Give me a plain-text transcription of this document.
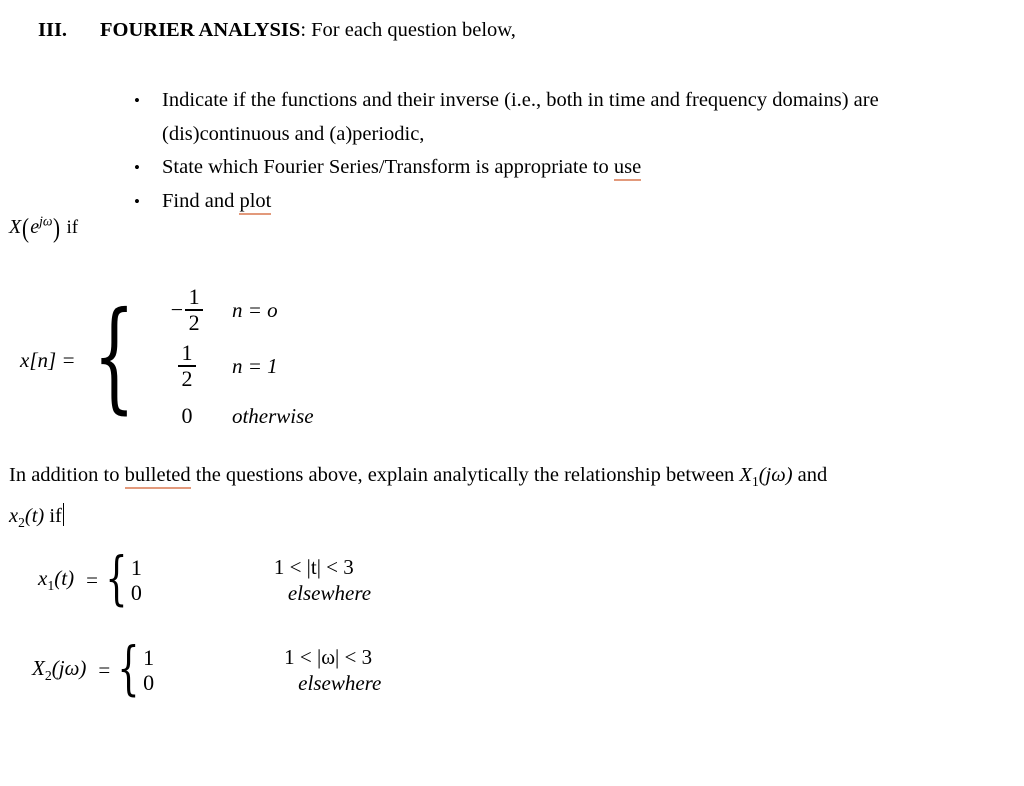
III. FOURIER ANALYSIS: For each question below,
• Indicate if the functions and their inverse (i.e., both in time and frequency domains) are (dis)continuous and (a)periodic,
• State which Fourier Series/Transform is appropriate to use
• Find and plot
$X(e^{j\omega})$ if
x[n] = { − $\frac{1}{2}$ n = o
$\frac{1}{2}$ n = 1
0	otherwise
In addition to bulleted the questions above, explain analytically the relationship between $X_1(j\omega)$ and $x_2(t)$ if
$x_1(t)$ = { 1
0
1 < |t| < 3
elsewhere
$X_2(j\omega)$ = { 1
0
1 < |ω| < 3
elsewhere
